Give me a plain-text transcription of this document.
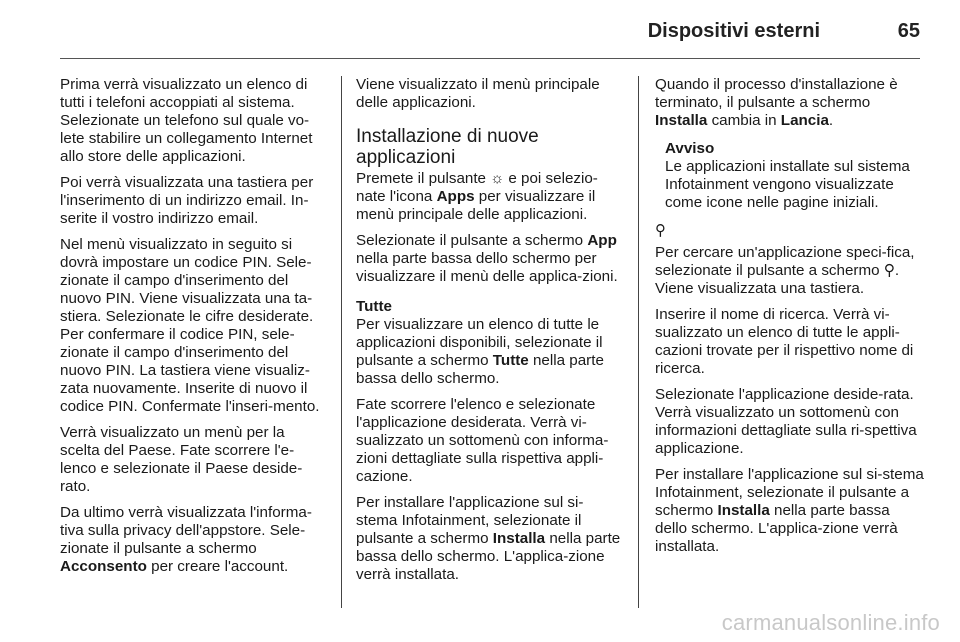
Dispositivi esterni	65

Prima verrà visualizzato un elenco di tutti i telefoni accoppiati al sistema. Selezionate un telefono sul quale vo-lete stabilire un collegamento Internet allo store delle applicazioni.

Poi verrà visualizzata una tastiera per l'inserimento di un indirizzo email. In-serite il vostro indirizzo email.

Nel menù visualizzato in seguito si dovrà impostare un codice PIN. Sele-zionate il campo d'inserimento del nuovo PIN. Viene visualizzata una ta-stiera. Selezionate le cifre desiderate. Per confermare il codice PIN, sele-zionate il campo d'inserimento del nuovo PIN. La tastiera viene visualiz-zata nuovamente. Inserite di nuovo il codice PIN. Confermate l'inseri-mento.

Verrà visualizzato un menù per la scelta del Paese. Fate scorrere l'e-lenco e selezionate il Paese deside-rato.

Da ultimo verrà visualizzata l'informa-tiva sulla privacy dell'appstore. Sele-zionate il pulsante a schermo Acconsento per creare l'account.

Viene visualizzato il menù principale delle applicazioni.

Installazione di nuove applicazioni

Premete il pulsante ☼ e poi selezio-nate l'icona Apps per visualizzare il menù principale delle applicazioni.

Selezionate il pulsante a schermo App nella parte bassa dello schermo per visualizzare il menù delle applica-zioni.

Tutte

Per visualizzare un elenco di tutte le applicazioni disponibili, selezionate il pulsante a schermo Tutte nella parte bassa dello schermo.

Fate scorrere l'elenco e selezionate l'applicazione desiderata. Verrà vi-sualizzato un sottomenù con informa-zioni dettagliate sulla rispettiva appli-cazione.

Per installare l'applicazione sul si-stema Infotainment, selezionate il pulsante a schermo Installa nella parte bassa dello schermo. L'applica-zione verrà installata.

Quando il processo d'installazione è terminato, il pulsante a schermo Installa cambia in Lancia.

Avviso
Le applicazioni installate sul sistema Infotainment vengono visualizzate come icone nelle pagine iniziali.
⚲

Per cercare un'applicazione speci-fica, selezionate il pulsante a schermo ⚲. Viene visualizzata una tastiera.

Inserire il nome di ricerca. Verrà vi-sualizzato un elenco di tutte le appli-cazioni trovate per il rispettivo nome di ricerca.

Selezionate l'applicazione deside-rata. Verrà visualizzato un sottomenù con informazioni dettagliate sulla ri-spettiva applicazione.

Per installare l'applicazione sul si-stema Infotainment, selezionate il pulsante a schermo Installa nella parte bassa dello schermo. L'applica-zione verrà installata.

carmanualsonline.info
